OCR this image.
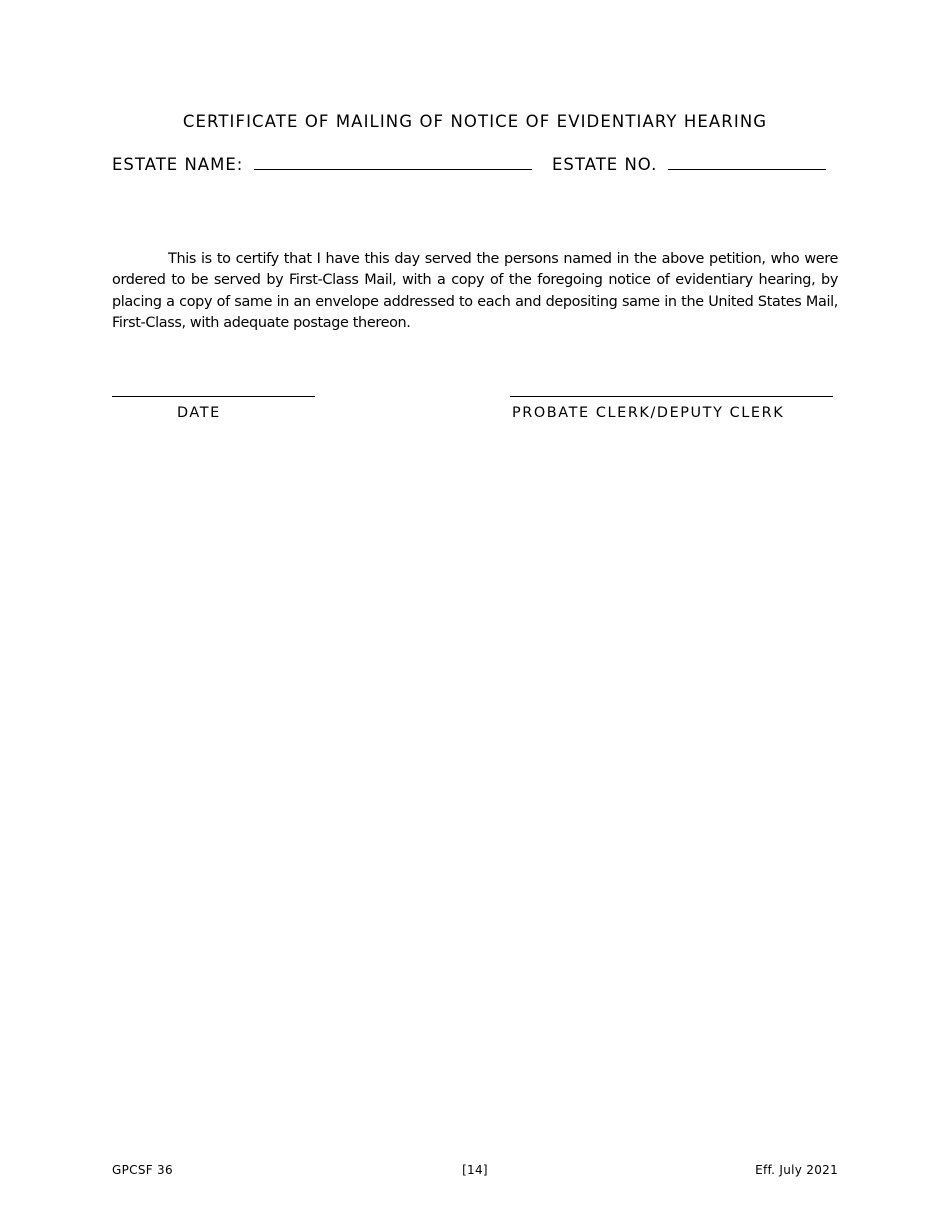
CERTIFICATE OF MAILING OF NOTICE OF EVIDENTIARY HEARING
ESTATE NAME:	ESTATE NO.
This is to certify that I have this day served the persons named in the above petition, who were ordered to be served by First-Class Mail, with a copy of the foregoing notice of evidentiary hearing, by placing a copy of same in an envelope addressed to each and depositing same in the United States Mail, First-Class, with adequate postage thereon.
DATE	PROBATE CLERK/DEPUTY CLERK
GPCSF 36	[14]	Eff. July 2021
